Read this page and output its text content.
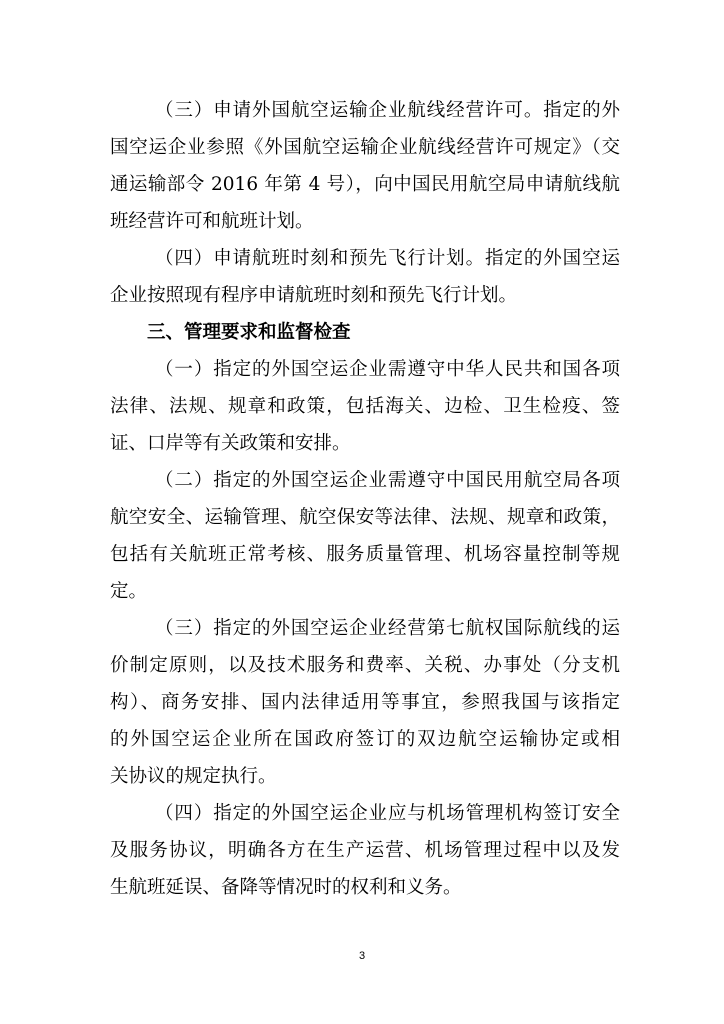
（三）申请外国航空运输企业航线经营许可。指定的外
国空运企业参照《外国航空运输企业航线经营许可规定》（交
通运输部令 2016 年第 4 号），向中国民用航空局申请航线航
班经营许可和航班计划。
（四）申请航班时刻和预先飞行计划。指定的外国空运
企业按照现有程序申请航班时刻和预先飞行计划。
三、管理要求和监督检查
（一）指定的外国空运企业需遵守中华人民共和国各项
法律、法规、规章和政策，包括海关、边检、卫生检疫、签
证、口岸等有关政策和安排。
（二）指定的外国空运企业需遵守中国民用航空局各项
航空安全、运输管理、航空保安等法律、法规、规章和政策，
包括有关航班正常考核、服务质量管理、机场容量控制等规
定。
（三）指定的外国空运企业经营第七航权国际航线的运
价制定原则，以及技术服务和费率、关税、办事处（分支机
构）、商务安排、国内法律适用等事宜，参照我国与该指定
的外国空运企业所在国政府签订的双边航空运输协定或相
关协议的规定执行。
（四）指定的外国空运企业应与机场管理机构签订安全
及服务协议，明确各方在生产运营、机场管理过程中以及发
生航班延误、备降等情况时的权利和义务。
3
